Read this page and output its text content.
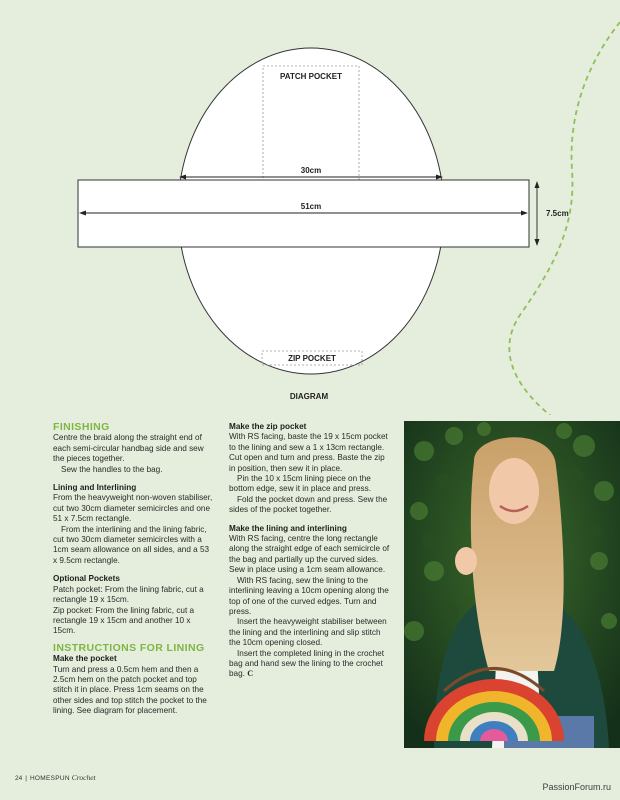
PATCH POCKET
30cm
51cm
7.5cm
ZIP POCKET
DIAGRAM
FINISHING

Centre the braid along the straight end of each semi-circular handbag side and sew the pieces together.

Sew the handles to the bag.

Lining and Interlining

From the heavyweight non-woven stabiliser, cut two 30cm diameter semicircles and one 51 x 7.5cm rectangle.

From the interlining and the lining fabric, cut two 30cm diameter semicircles with a 1cm seam allowance on all sides, and a 53 x 9.5cm rectangle.

Optional Pockets

Patch pocket: From the lining fabric, cut a rectangle 19 x 15cm.

Zip pocket: From the lining fabric, cut a rectangle 19 x 15cm and another 10 x 15cm.

INSTRUCTIONS FOR LINING

Make the pocket

Turn and press a 0.5cm hem and then a 2.5cm hem on the patch pocket and top stitch it in place. Press 1cm seams on the other sides and top stitch the pocket to the lining. See diagram for placement.

Make the zip pocket

With RS facing, baste the 19 x 15cm pocket to the lining and sew a 1 x 13cm rectangle. Cut open and turn and press. Baste the zip in position, then sew it in place.

Pin the 10 x 15cm lining piece on the bottom edge, sew it in place and press.

Fold the pocket down and press. Sew the sides of the pocket together.

Make the lining and interlining

With RS facing, centre the long rectangle along the straight edge of each semicircle of the bag and partially up the curved sides. Sew in place using a 1cm seam allowance.

With RS facing, sew the lining to the interlining leaving a 10cm opening along the top of one of the curved edges. Turn and press.

Insert the heavyweight stabiliser between the lining and the interlining and slip stitch the 10cm opening closed.

Insert the completed lining in the crochet bag and hand sew the lining to the crochet bag. C

24 | HOMESPUN Crochet
PassionForum.ru
